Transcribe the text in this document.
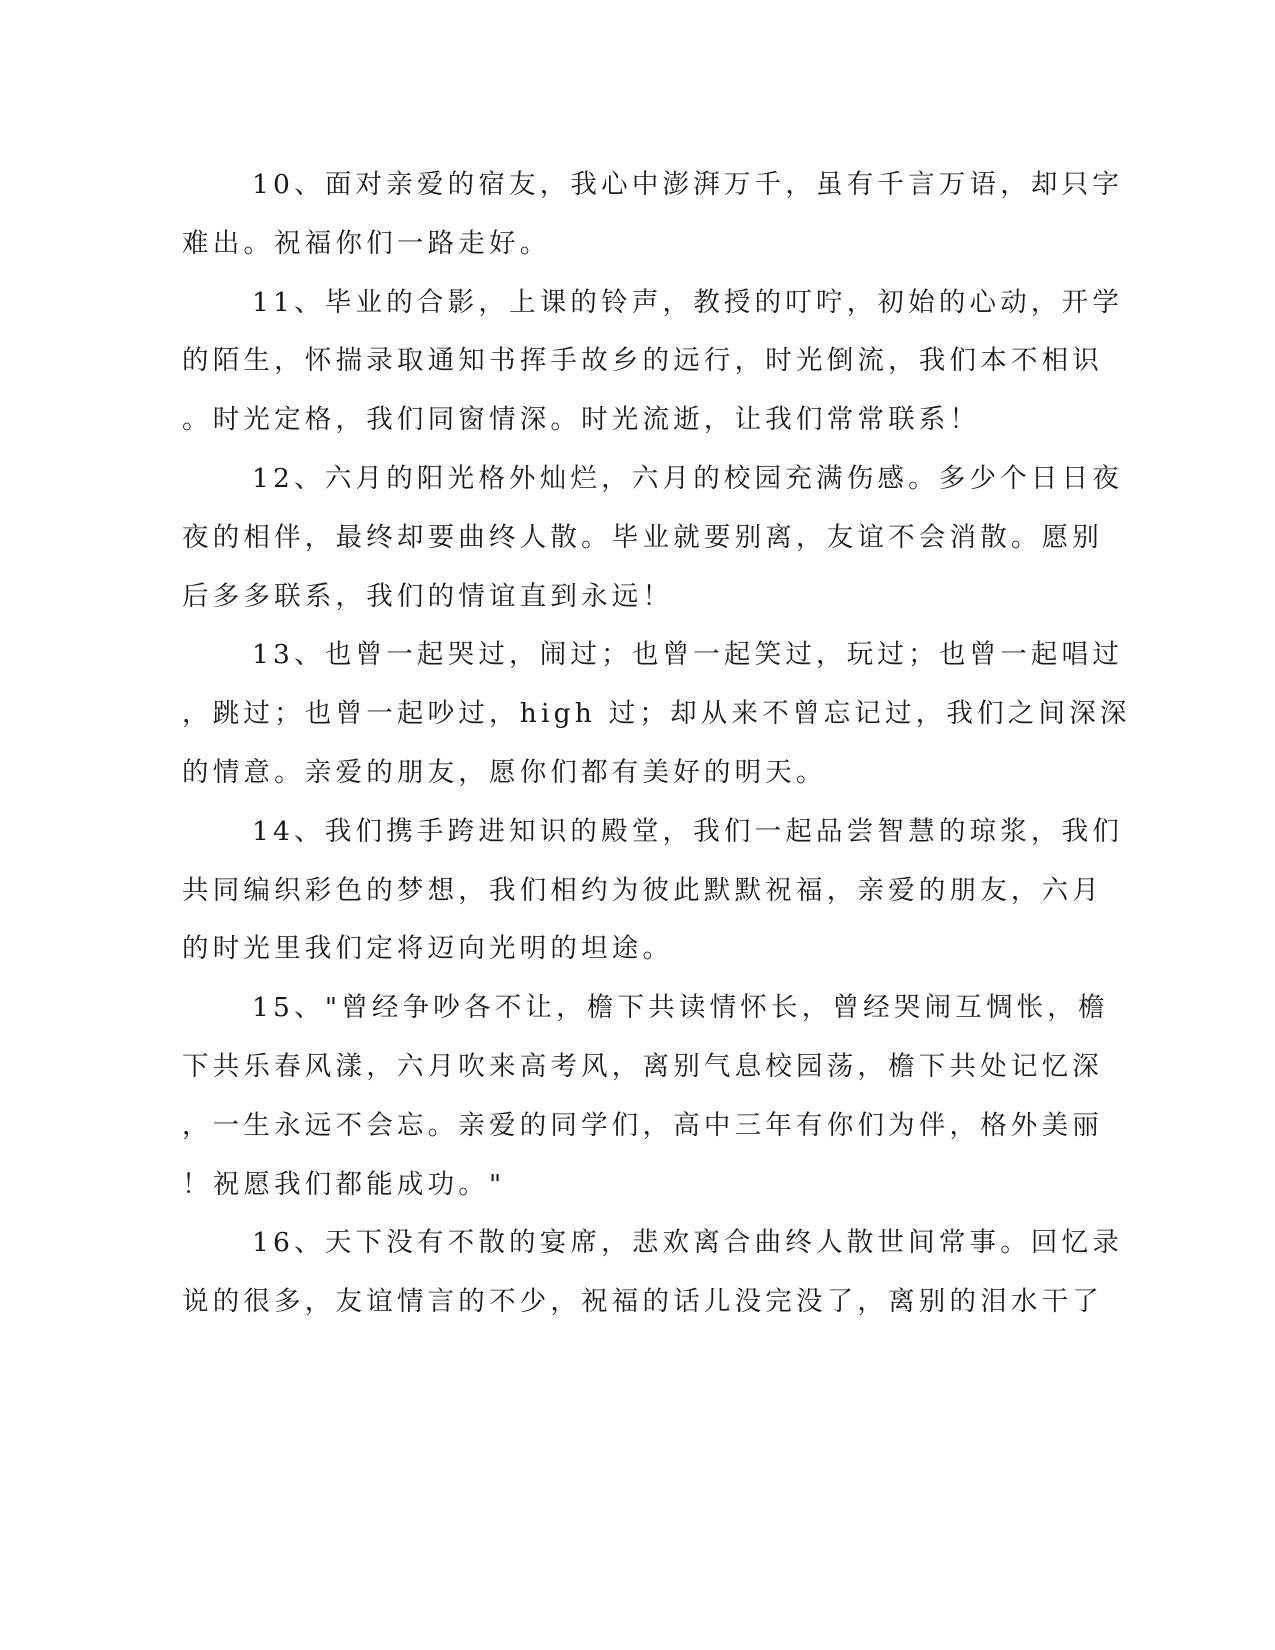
10、面对亲爱的宿友，我心中澎湃万千，虽有千言万语，却只字
难出。祝福你们一路走好。
11、毕业的合影，上课的铃声，教授的叮咛，初始的心动，开学
的陌生，怀揣录取通知书挥手故乡的远行，时光倒流，我们本不相识
。时光定格，我们同窗情深。时光流逝，让我们常常联系！
12、六月的阳光格外灿烂，六月的校园充满伤感。多少个日日夜
夜的相伴，最终却要曲终人散。毕业就要别离，友谊不会消散。愿别
后多多联系，我们的情谊直到永远！
13、也曾一起哭过，闹过；也曾一起笑过，玩过；也曾一起唱过
，跳过；也曾一起吵过，high 过；却从来不曾忘记过，我们之间深深
的情意。亲爱的朋友，愿你们都有美好的明天。
14、我们携手跨进知识的殿堂，我们一起品尝智慧的琼浆，我们
共同编织彩色的梦想，我们相约为彼此默默祝福，亲爱的朋友，六月
的时光里我们定将迈向光明的坦途。
15、"曾经争吵各不让，檐下共读情怀长，曾经哭闹互惆怅，檐
下共乐春风漾，六月吹来高考风，离别气息校园荡，檐下共处记忆深
，一生永远不会忘。亲爱的同学们，高中三年有你们为伴，格外美丽
！祝愿我们都能成功。"
16、天下没有不散的宴席，悲欢离合曲终人散世间常事。回忆录
说的很多，友谊情言的不少，祝福的话儿没完没了，离别的泪水干了
